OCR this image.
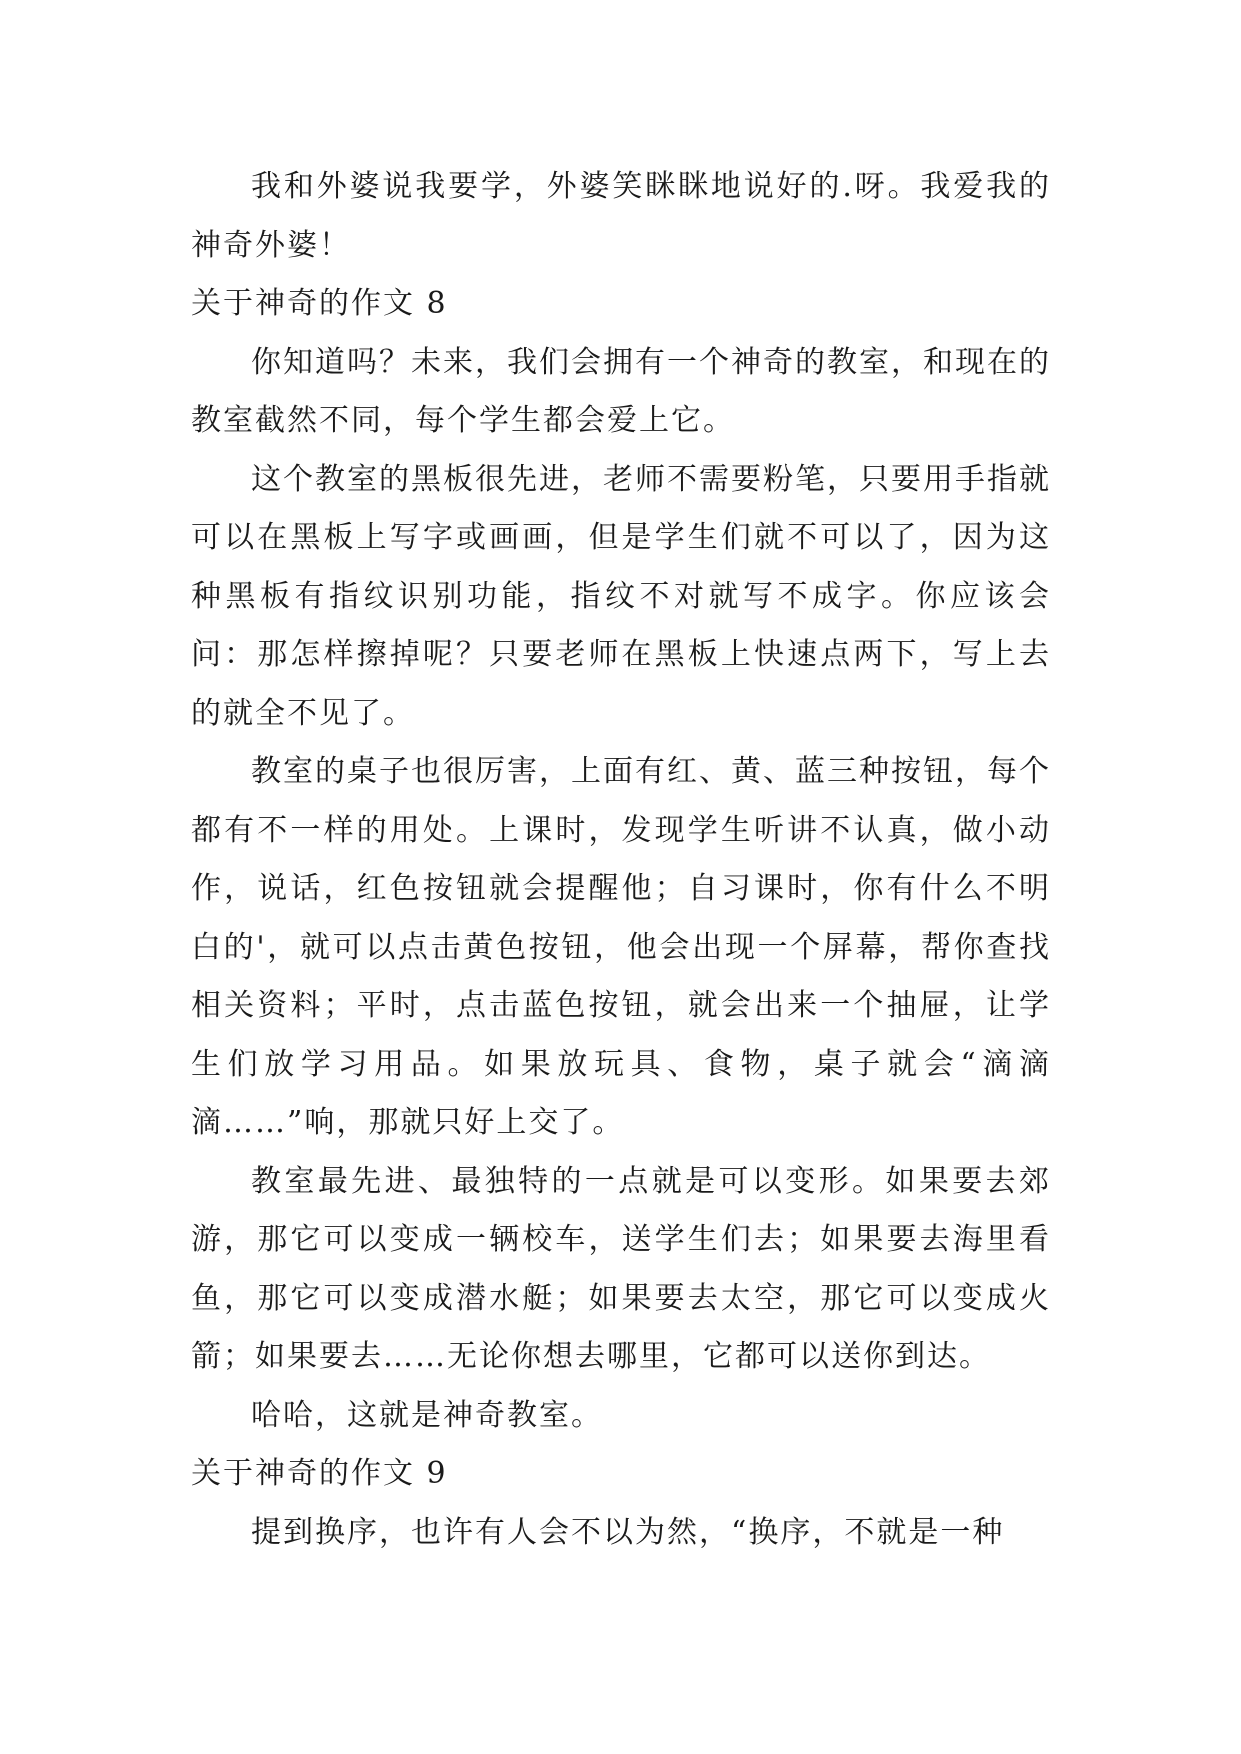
我和外婆说我要学，外婆笑眯眯地说好的.呀。我爱我的神奇外婆！

关于神奇的作文 8

你知道吗？未来，我们会拥有一个神奇的教室，和现在的教室截然不同，每个学生都会爱上它。

这个教室的黑板很先进，老师不需要粉笔，只要用手指就可以在黑板上写字或画画，但是学生们就不可以了，因为这种黑板有指纹识别功能，指纹不对就写不成字。你应该会问：那怎样擦掉呢？只要老师在黑板上快速点两下，写上去的就全不见了。

教室的桌子也很厉害，上面有红、黄、蓝三种按钮，每个都有不一样的用处。上课时，发现学生听讲不认真，做小动作，说话，红色按钮就会提醒他；自习课时，你有什么不明白的'，就可以点击黄色按钮，他会出现一个屏幕，帮你查找相关资料；平时，点击蓝色按钮，就会出来一个抽屉，让学生们放学习用品。如果放玩具、食物，桌子就会“滴滴滴……”响，那就只好上交了。

教室最先进、最独特的一点就是可以变形。如果要去郊游，那它可以变成一辆校车，送学生们去；如果要去海里看鱼，那它可以变成潜水艇；如果要去太空，那它可以变成火箭；如果要去……无论你想去哪里，它都可以送你到达。

哈哈，这就是神奇教室。

关于神奇的作文 9

提到换序，也许有人会不以为然，“换序，不就是一种
